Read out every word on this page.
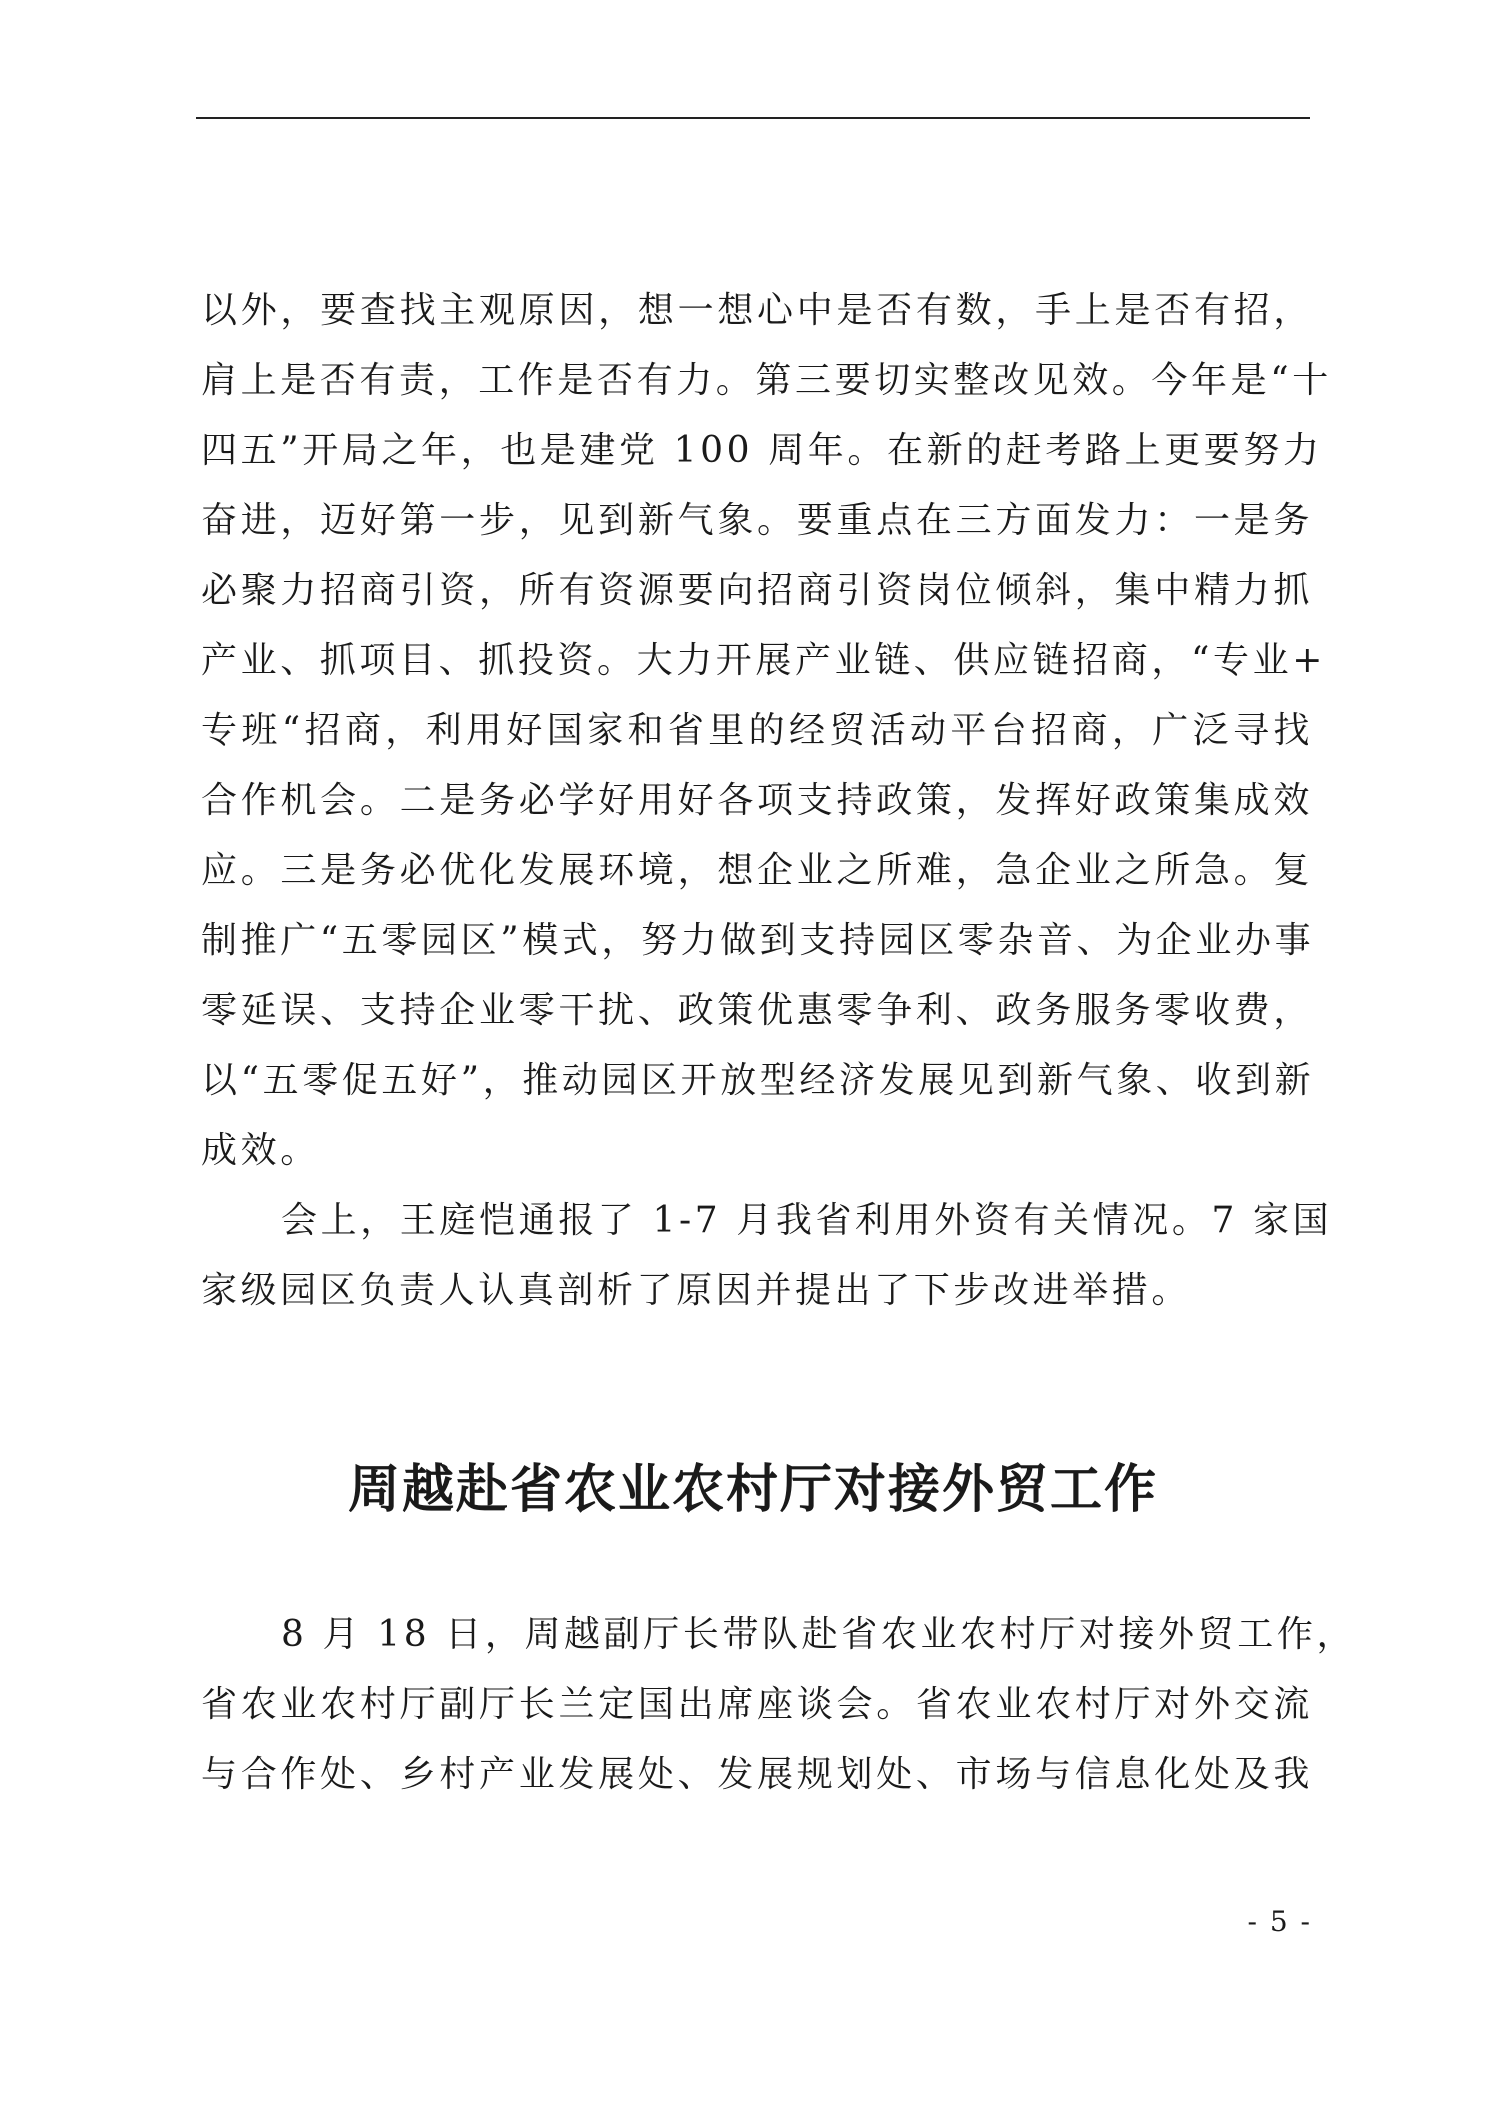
以外，要查找主观原因，想一想心中是否有数，手上是否有招，
肩上是否有责，工作是否有力。第三要切实整改见效。今年是“十
四五”开局之年，也是建党 100 周年。在新的赶考路上更要努力
奋进，迈好第一步，见到新气象。要重点在三方面发力：一是务
必聚力招商引资，所有资源要向招商引资岗位倾斜，集中精力抓
产业、抓项目、抓投资。大力开展产业链、供应链招商，“专业+
专班“招商，利用好国家和省里的经贸活动平台招商，广泛寻找
合作机会。二是务必学好用好各项支持政策，发挥好政策集成效
应。三是务必优化发展环境，想企业之所难，急企业之所急。复
制推广“五零园区”模式，努力做到支持园区零杂音、为企业办事
零延误、支持企业零干扰、政策优惠零争利、政务服务零收费，
以“五零促五好”，推动园区开放型经济发展见到新气象、收到新
成效。
会上，王庭恺通报了 1-7 月我省利用外资有关情况。7 家国
家级园区负责人认真剖析了原因并提出了下步改进举措。
周越赴省农业农村厅对接外贸工作
8 月 18 日，周越副厅长带队赴省农业农村厅对接外贸工作，
省农业农村厅副厅长兰定国出席座谈会。省农业农村厅对外交流
与合作处、乡村产业发展处、发展规划处、市场与信息化处及我
- 5 -
